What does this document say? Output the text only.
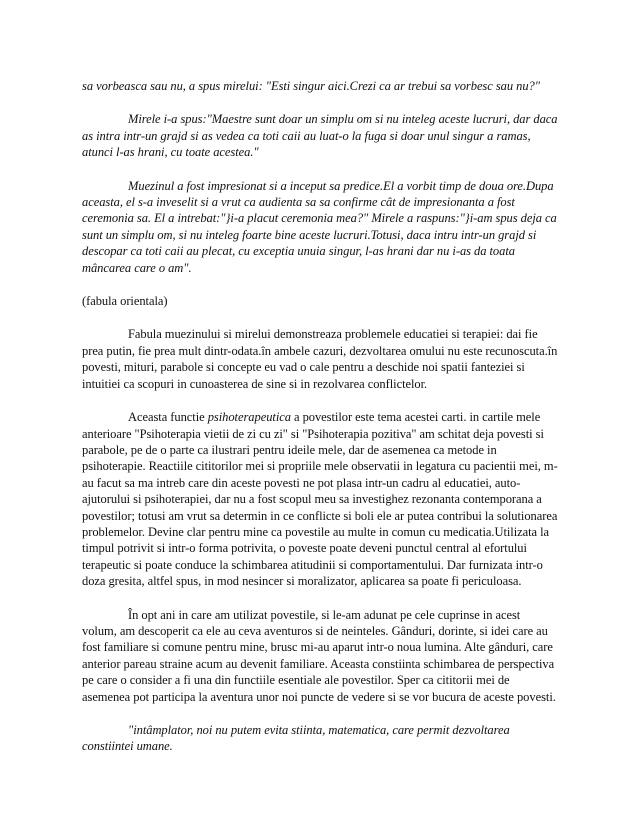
sa vorbeasca sau nu, a spus mirelui: "Esti singur aici.Crezi ca ar trebui sa vorbesc sau nu?"

Mirele i-a spus:"Maestre sunt doar un simplu om si nu inteleg aceste lucruri, dar daca as intra intr-un grajd si as vedea ca toti caii au luat-o la fuga si doar unul singur a ramas, atunci l-as hrani, cu toate acestea."

Muezinul a fost impresionat si a inceput sa predice.El a vorbit timp de doua ore.Dupa aceasta, el s-a inveselit si a vrut ca audienta sa sa confirme cât de impresionanta a fost ceremonia sa. El a intrebat:"}i-a placut ceremonia mea?" Mirele a raspuns:"}i-am spus deja ca sunt un simplu om, si nu inteleg foarte bine aceste lucruri.Totusi, daca intru intr-un grajd si descopar ca toti caii au plecat, cu exceptia unuia singur, l-as hrani dar nu i-as da toata mâncarea care o am".

(fabula orientala)

Fabula muezinului si mirelui demonstreaza problemele educatiei si terapiei: dai fie prea putin, fie prea mult dintr-odata.în ambele cazuri, dezvoltarea omului nu este recunoscuta.în povesti, mituri, parabole si concepte eu vad o cale pentru a deschide noi spatii fanteziei si intuitiei ca scopuri in cunoasterea de sine si in rezolvarea conflictelor.

Aceasta functie psihoterapeutica a povestilor este tema acestei carti. in cartile mele anterioare "Psihoterapia vietii de zi cu zi" si "Psihoterapia pozitiva" am schitat deja povesti si parabole, pe de o parte ca ilustrari pentru ideile mele, dar de asemenea ca metode in psihoterapie. Reactiile cititorilor mei si propriile mele observatii in legatura cu pacientii mei, m-au facut sa ma intreb care din aceste povesti ne pot plasa intr-un cadru al educatiei, auto-ajutorului si psihoterapiei, dar nu a fost scopul meu sa investighez rezonanta contemporana a povestilor; totusi am vrut sa determin in ce conflicte si boli ele ar putea contribui la solutionarea problemelor. Devine clar pentru mine ca povestile au multe in comun cu medicatia.Utilizata la timpul potrivit si intr-o forma potrivita, o poveste poate deveni punctul central al efortului terapeutic si poate conduce la schimbarea atitudinii si comportamentului. Dar furnizata intr-o doza gresita, altfel spus, in mod nesincer si moralizator, aplicarea sa poate fi periculoasa.

În opt ani in care am utilizat povestile, si le-am adunat pe cele cuprinse in acest volum, am descoperit ca ele au ceva aventuros si de neinteles. Gânduri, dorinte, si idei care au fost familiare si comune pentru mine, brusc mi-au aparut intr-o noua lumina. Alte gânduri, care anterior pareau straine acum au devenit familiare. Aceasta constiinta schimbarea de perspectiva pe care o consider a fi una din functiile esentiale ale povestilor. Sper ca cititorii mei de asemenea pot participa la aventura unor noi puncte de vedere si se vor bucura de aceste povesti.

"intâmplator, noi nu putem evita stiinta, matematica, care permit dezvoltarea constiintei umane.
